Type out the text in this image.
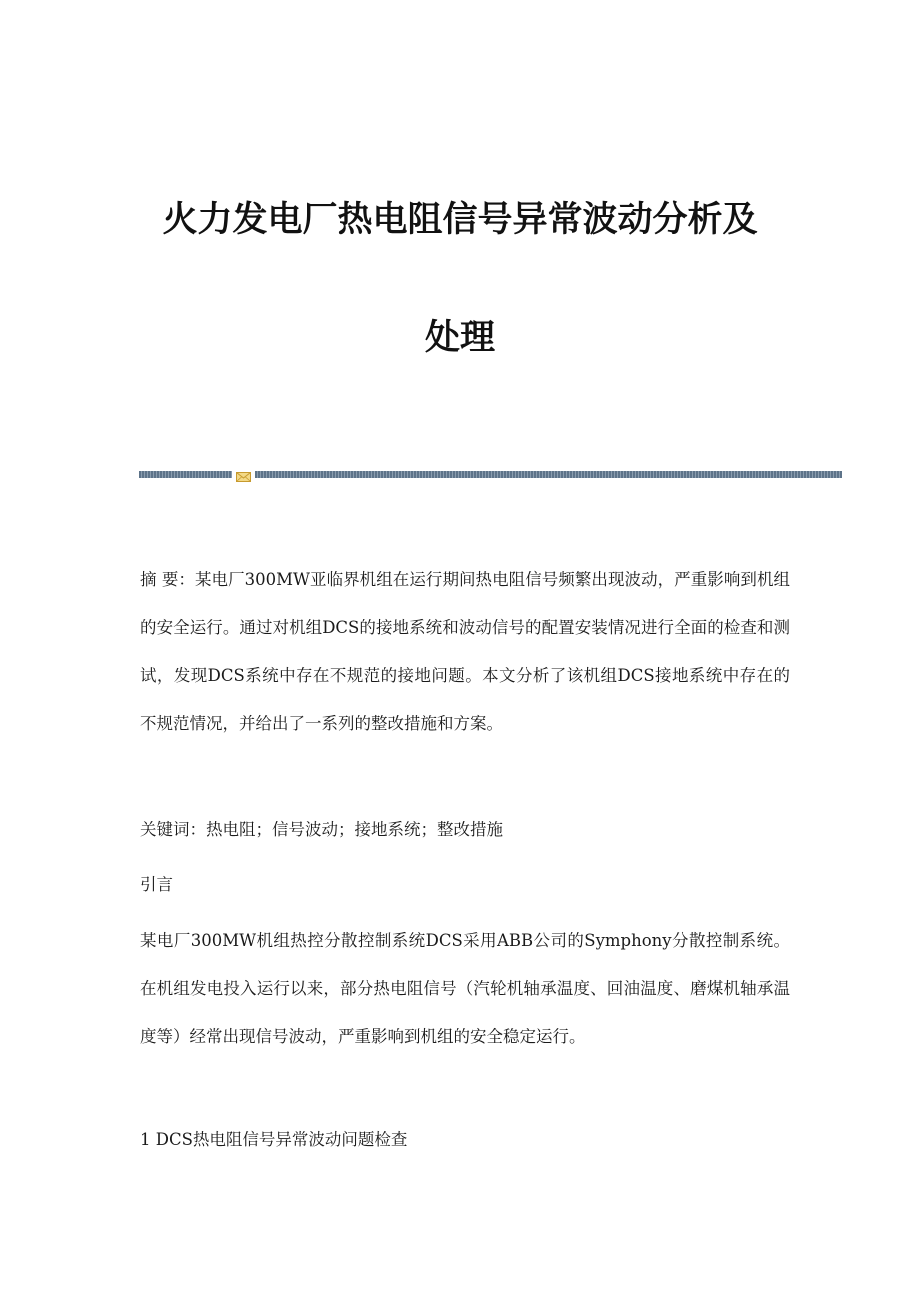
火力发电厂热电阻信号异常波动分析及
处理

摘 要：某电厂300MW亚临界机组在运行期间热电阻信号频繁出现波动，严重影响到机组的安全运行。通过对机组DCS的接地系统和波动信号的配置安装情况进行全面的检查和测试，发现DCS系统中存在不规范的接地问题。本文分析了该机组DCS接地系统中存在的不规范情况，并给出了一系列的整改措施和方案。

关键词：热电阻；信号波动；接地系统；整改措施

引言

某电厂300MW机组热控分散控制系统DCS采用ABB公司的Symphony分散控制系统。在机组发电投入运行以来，部分热电阻信号（汽轮机轴承温度、回油温度、磨煤机轴承温度等）经常出现信号波动，严重影响到机组的安全稳定运行。

1 DCS热电阻信号异常波动问题检查
